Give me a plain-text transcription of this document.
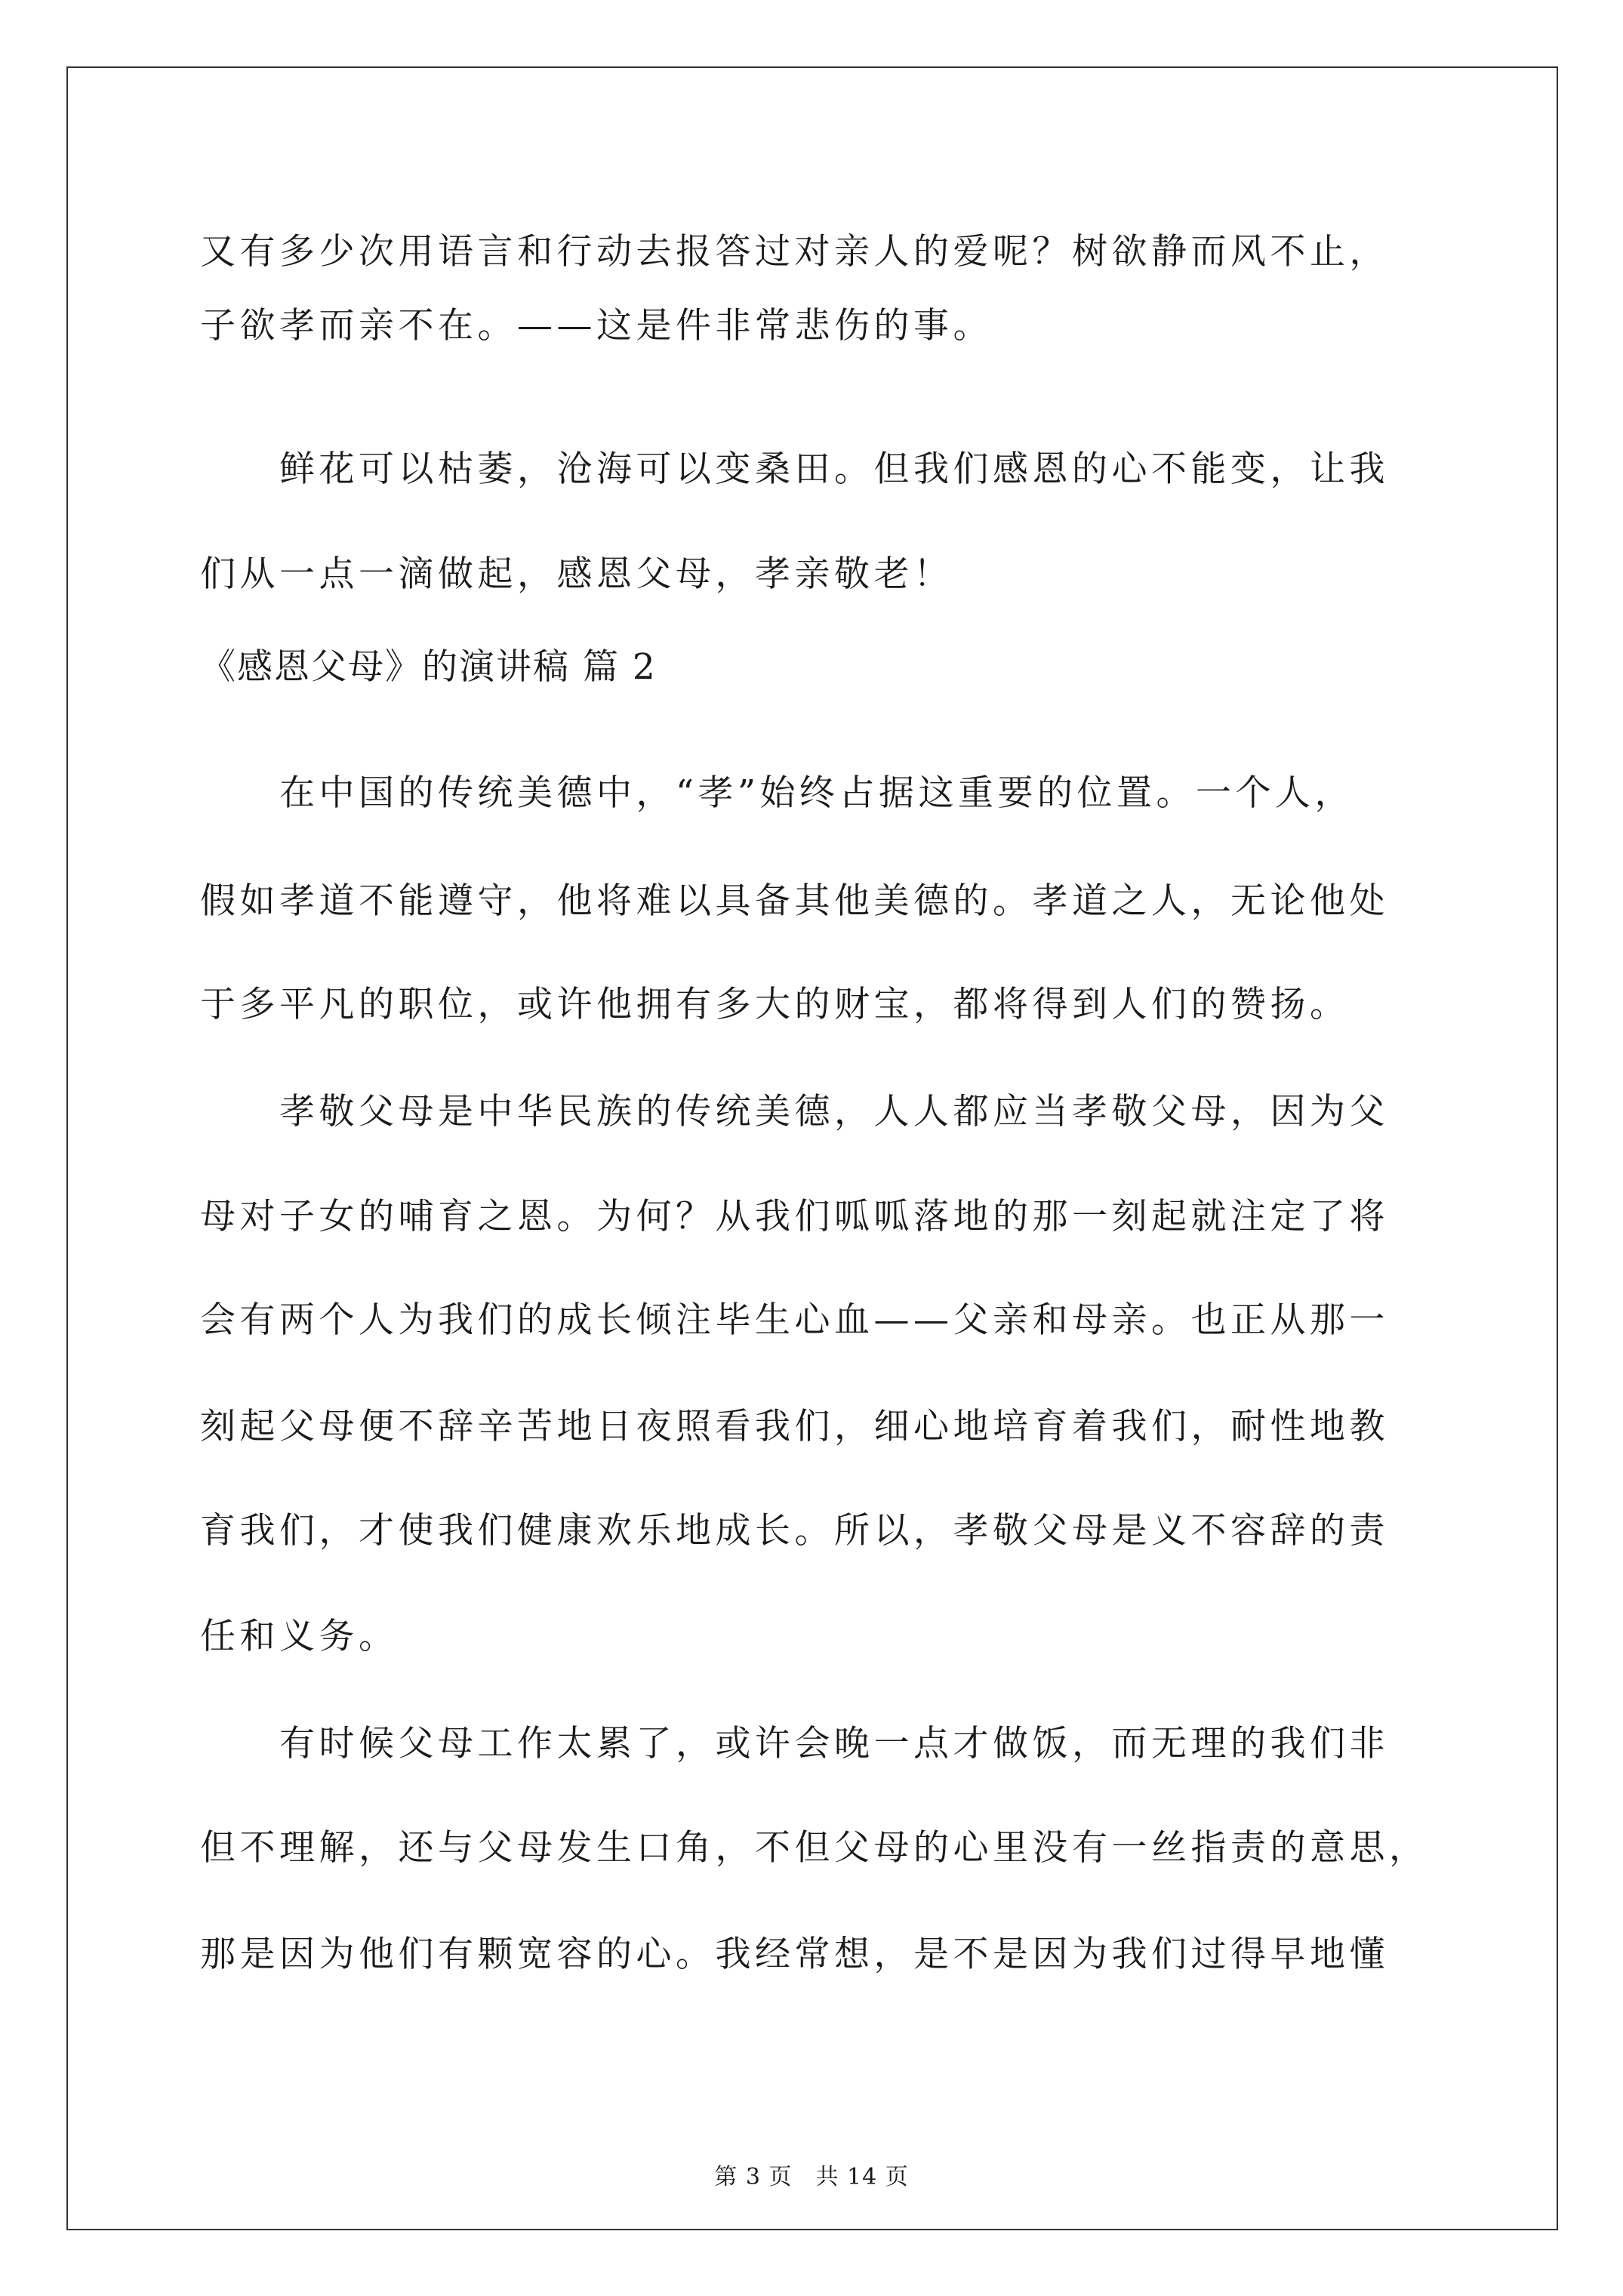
又有多少次用语言和行动去报答过对亲人的爱呢？树欲静而风不止，
子欲孝而亲不在。——这是件非常悲伤的事。
鲜花可以枯萎，沧海可以变桑田。但我们感恩的心不能变，让我
们从一点一滴做起，感恩父母，孝亲敬老！
《感恩父母》的演讲稿 篇 2
在中国的传统美德中，“孝”始终占据这重要的位置。一个人，
假如孝道不能遵守，他将难以具备其他美德的。孝道之人，无论他处
于多平凡的职位，或许他拥有多大的财宝，都将得到人们的赞扬。
孝敬父母是中华民族的传统美德，人人都应当孝敬父母，因为父
母对子女的哺育之恩。为何？从我们呱呱落地的那一刻起就注定了将
会有两个人为我们的成长倾注毕生心血——父亲和母亲。也正从那一
刻起父母便不辞辛苦地日夜照看我们，细心地培育着我们，耐性地教
育我们，才使我们健康欢乐地成长。所以，孝敬父母是义不容辞的责
任和义务。
有时候父母工作太累了，或许会晚一点才做饭，而无理的我们非
但不理解，还与父母发生口角，不但父母的心里没有一丝指责的意思，
那是因为他们有颗宽容的心。我经常想，是不是因为我们过得早地懂
第 3 页　共 14 页
